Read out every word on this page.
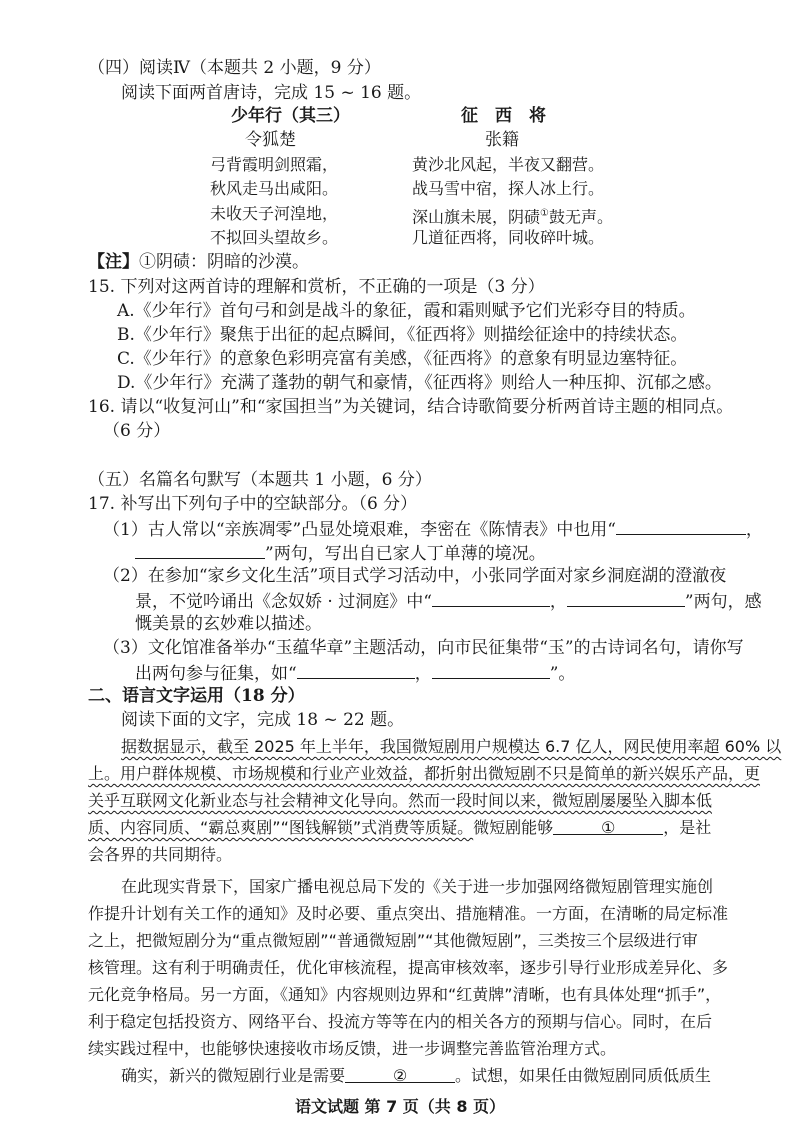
（四）阅读Ⅳ（本题共 2 小题，9 分）
阅读下面两首唐诗，完成 15 ~ 16 题。
少年行（其三）
令狐楚
弓背霞明剑照霜，
秋风走马出咸阳。
未收天子河湟地，
不拟回头望故乡。
征　西　将
张籍
黄沙北风起，半夜又翻营。
战马雪中宿，探人冰上行。
深山旗未展，阴碛①鼓无声。
几道征西将，同收碎叶城。
【注】①阴碛：阴暗的沙漠。
15. 下列对这两首诗的理解和赏析，不正确的一项是（3 分）
A.《少年行》首句弓和剑是战斗的象征，霞和霜则赋予它们光彩夺目的特质。
B.《少年行》聚焦于出征的起点瞬间，《征西将》则描绘征途中的持续状态。
C.《少年行》的意象色彩明亮富有美感，《征西将》的意象有明显边塞特征。
D.《少年行》充满了蓬勃的朝气和豪情，《征西将》则给人一种压抑、沉郁之感。
16. 请以“收复河山”和“家国担当”为关键词，结合诗歌简要分析两首诗主题的相同点。
（6 分）
（五）名篇名句默写（本题共 1 小题，6 分）
17. 补写出下列句子中的空缺部分。（6 分）
（1）古人常以“亲族凋零”凸显处境艰难，李密在《陈情表》中也用“	，
”两句，写出自已家人丁单薄的境况。
（2）在参加“家乡文化生活”项目式学习活动中，小张同学面对家乡洞庭湖的澄澈夜
景，不觉吟诵出《念奴娇 · 过洞庭》中“	，	”两句，感
慨美景的玄妙难以描述。
（3）文化馆准备举办“玉蕴华章”主题活动，向市民征集带“玉”的古诗词名句，请你写
出两句参与征集，如“	，	”。
二、语言文字运用（18 分）
阅读下面的文字，完成 18 ~ 22 题。
据数据显示，截至 2025 年上半年，我国微短剧用户规模达 6.7 亿人，网民使用率超 60% 以
上。用户群体规模、市场规模和行业产业效益，都折射出微短剧不只是简单的新兴娱乐产品，更
关乎互联网文化新业态与社会精神文化导向。然而一段时间以来，微短剧屡屡坠入脚本低
质、内容同质、“霸总爽剧”“图钱解锁”式消费等质疑。微短剧能够	①	，是社
会各界的共同期待。
在此现实背景下，国家广播电视总局下发的《关于进一步加强网络微短剧管理实施创
作提升计划有关工作的通知》及时必要、重点突出、措施精准。一方面，在清晰的局定标准
之上，把微短剧分为“重点微短剧”“普通微短剧”“其他微短剧”，三类按三个层级进行审
核管理。这有利于明确责任，优化审核流程，提高审核效率，逐步引导行业形成差异化、多
元化竞争格局。另一方面，《通知》内容规则边界和“红黄牌”清晰，也有具体处理“抓手”，
利于稳定包括投资方、网络平台、投流方等等在内的相关各方的预期与信心。同时，在后
续实践过程中，也能够快速接收市场反馈，进一步调整完善监管治理方式。
确实，新兴的微短剧行业是需要	②	。试想，如果任由微短剧同质低质生
语文试题 第 7 页（共 8 页）
